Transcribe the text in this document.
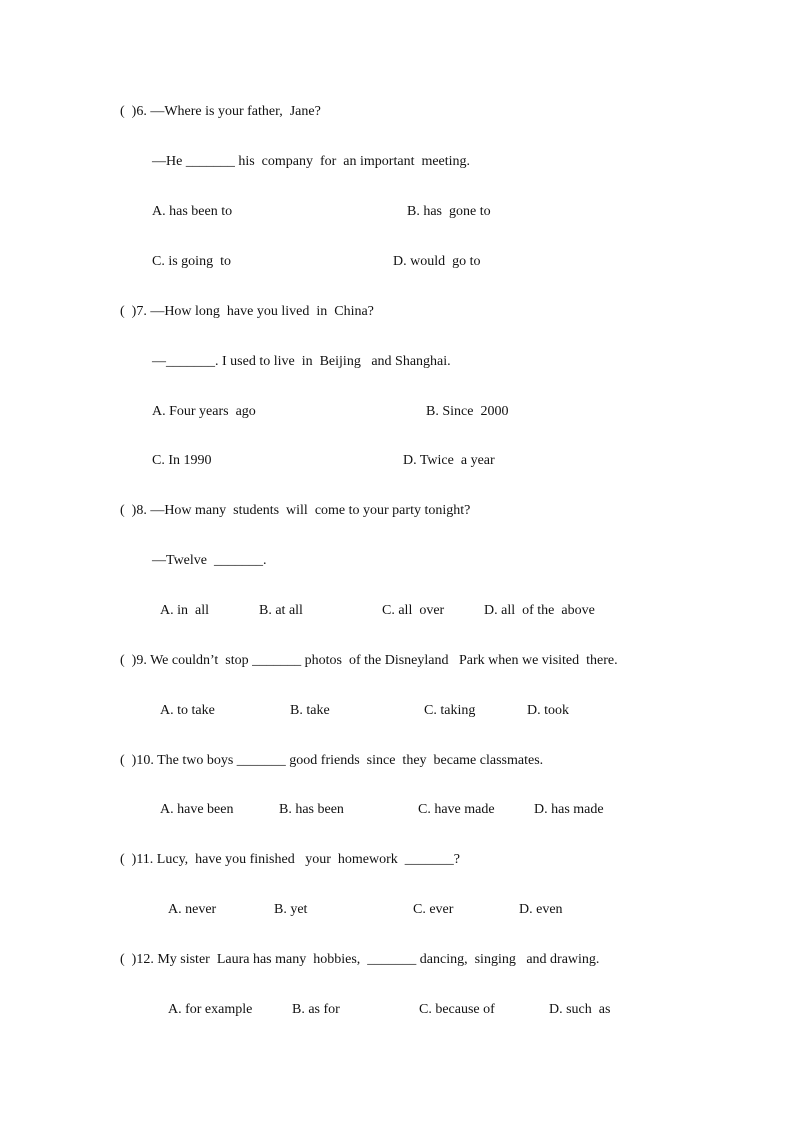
(  )6. —Where is your father,  Jane?
—He _______ his  company  for  an important  meeting.
A. has been to	B. has  gone to
C. is going  to	D. would  go to
(  )7. —How long  have you lived  in  China?
—_______. I used to live  in  Beijing   and Shanghai.
A. Four years  ago	B. Since  2000
C. In 1990	D. Twice  a year
(  )8. —How many  students  will  come to your party tonight?
—Twelve  _______.
A. in  all	B. at all	C. all  over	D. all  of the  above
(  )9. We couldn’t  stop _______ photos  of the Disneyland   Park when we visited  there.
A. to take	B. take	C. taking	D. took
(  )10. The two boys _______ good friends  since  they  became classmates.
A. have been	B. has been	C. have made	D. has made
(  )11. Lucy,  have you finished   your  homework  _______?
A. never	B. yet	C. ever	D. even
(  )12. My sister  Laura has many  hobbies,  _______ dancing,  singing   and drawing.
A. for example	B. as for	C. because of	D. such  as
